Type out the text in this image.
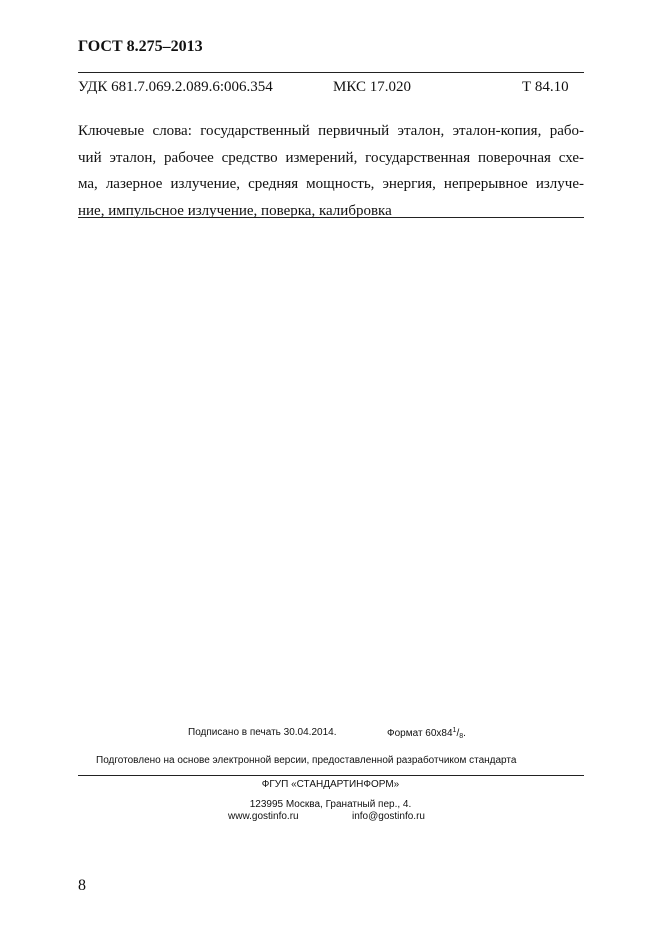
ГОСТ 8.275–2013
УДК 681.7.069.2.089.6:006.354	МКС 17.020	Т 84.10
Ключевые слова: государственный первичный эталон, эталон-копия, рабо-
чий эталон, рабочее средство измерений, государственная поверочная схе-
ма, лазерное излучение, средняя мощность, энергия, непрерывное излуче-
ние, импульсное излучение, поверка, калибровка
Подписано в печать 30.04.2014.	Формат $60x84^1/_8$.
Подготовлено на основе электронной версии, предоставленной разработчиком стандарта
ФГУП «СТАНДАРТИНФОРМ»
123995 Москва, Гранатный пер., 4.
www.gostinfo.ru	info@gostinfo.ru
8
